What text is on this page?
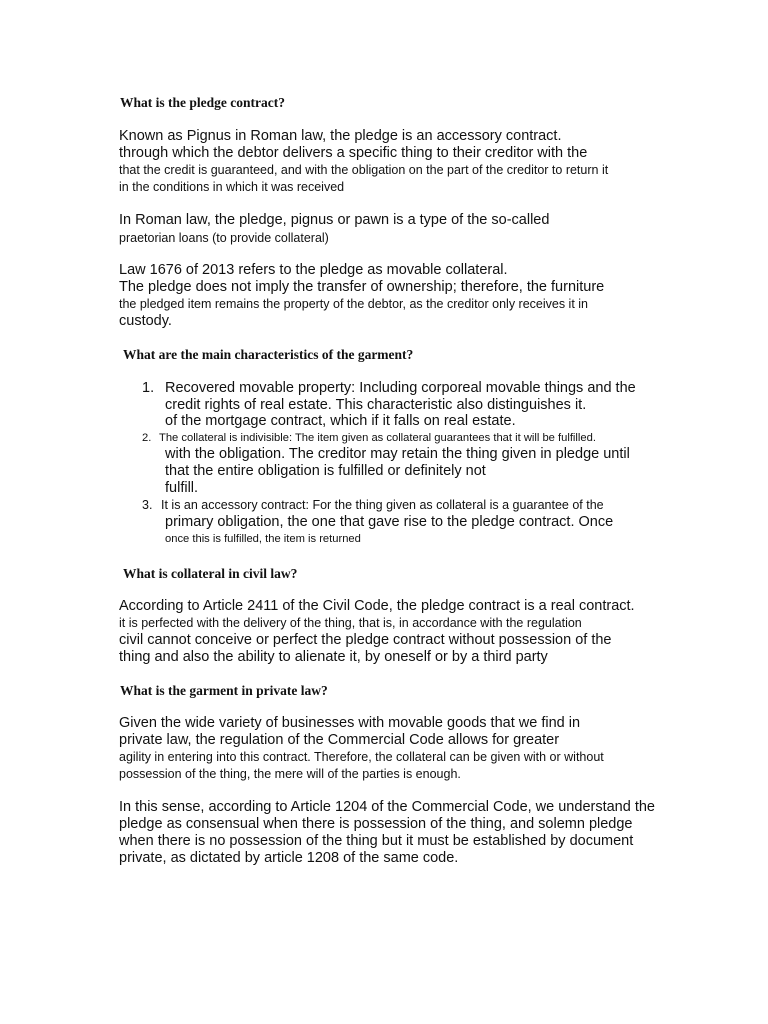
What is the pledge contract?
Known as Pignus in Roman law, the pledge is an accessory contract.
through which the debtor delivers a specific thing to their creditor with the
that the credit is guaranteed, and with the obligation on the part of the creditor to return it
in the conditions in which it was received
In Roman law, the pledge, pignus or pawn is a type of the so-called
praetorian loans (to provide collateral)
Law 1676 of 2013 refers to the pledge as movable collateral.
The pledge does not imply the transfer of ownership; therefore, the furniture
the pledged item remains the property of the debtor, as the creditor only receives it in
custody.
What are the main characteristics of the garment?
1. Recovered movable property: Including corporeal movable things and the
credit rights of real estate. This characteristic also distinguishes it.
of the mortgage contract, which if it falls on real estate.
2. The collateral is indivisible: The item given as collateral guarantees that it will be fulfilled.
with the obligation. The creditor may retain the thing given in pledge until
that the entire obligation is fulfilled or definitely not
fulfill.
3. It is an accessory contract: For the thing given as collateral is a guarantee of the
primary obligation, the one that gave rise to the pledge contract. Once
once this is fulfilled, the item is returned
What is collateral in civil law?
According to Article 2411 of the Civil Code, the pledge contract is a real contract.
it is perfected with the delivery of the thing, that is, in accordance with the regulation
civil cannot conceive or perfect the pledge contract without possession of the
thing and also the ability to alienate it, by oneself or by a third party
What is the garment in private law?
Given the wide variety of businesses with movable goods that we find in
private law, the regulation of the Commercial Code allows for greater
agility in entering into this contract. Therefore, the collateral can be given with or without
possession of the thing, the mere will of the parties is enough.
In this sense, according to Article 1204 of the Commercial Code, we understand the
pledge as consensual when there is possession of the thing, and solemn pledge
when there is no possession of the thing but it must be established by document
private, as dictated by article 1208 of the same code.
